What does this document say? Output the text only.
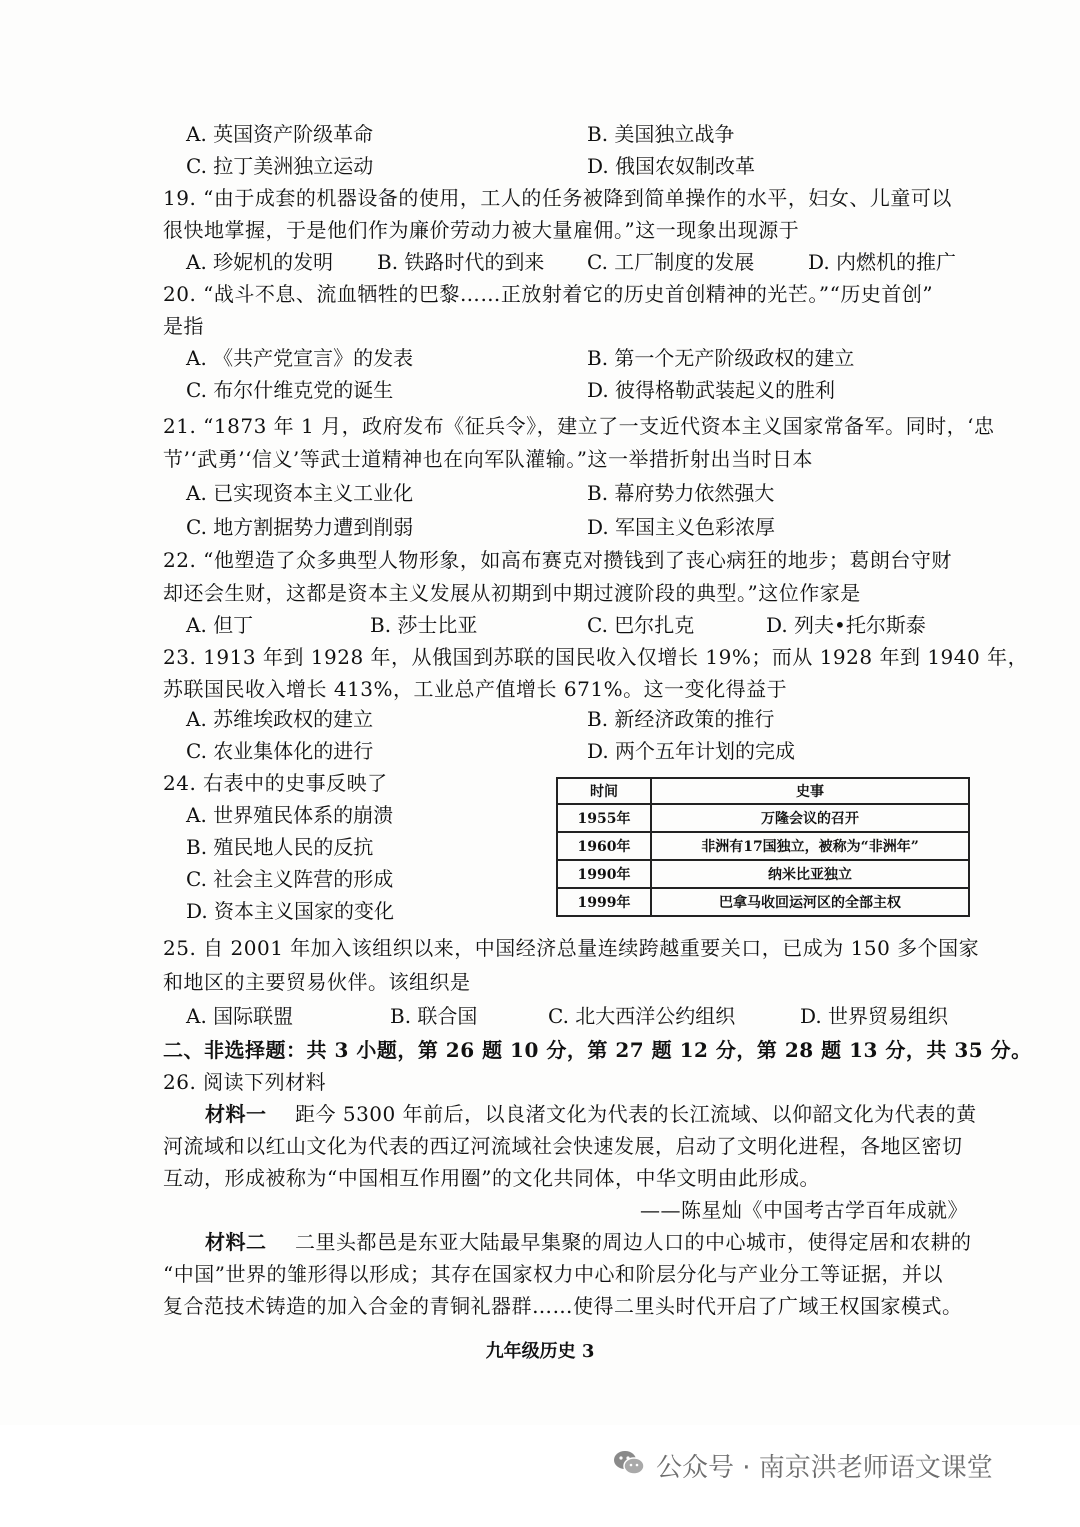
A. 英国资产阶级革命	B. 美国独立战争
C. 拉丁美洲独立运动	D. 俄国农奴制改革
19. “由于成套的机器设备的使用，工人的任务被降到简单操作的水平，妇女、儿童可以
很快地掌握，于是他们作为廉价劳动力被大量雇佣。”这一现象出现源于
A. 珍妮机的发明 B. 铁路时代的到来 C. 工厂制度的发展	D. 内燃机的推广
20. “战斗不息、流血牺牲的巴黎……正放射着它的历史首创精神的光芒。”“历史首创”
是指
A. 《共产党宣言》的发表	B. 第一个无产阶级政权的建立
C. 布尔什维克党的诞生	D. 彼得格勒武装起义的胜利
21. “1873 年 1 月，政府发布《征兵令》，建立了一支近代资本主义国家常备军。同时，‘忠
节’‘武勇’‘信义’等武士道精神也在向军队灌输。”这一举措折射出当时日本
A. 已实现资本主义工业化	B. 幕府势力依然强大
C. 地方割据势力遭到削弱	D. 军国主义色彩浓厚
22. “他塑造了众多典型人物形象，如高布赛克对攒钱到了丧心病狂的地步；葛朗台守财
却还会生财，这都是资本主义发展从初期到中期过渡阶段的典型。”这位作家是
A. 但丁	B. 莎士比亚	C. 巴尔扎克	D. 列夫•托尔斯泰
23. 1913 年到 1928 年，从俄国到苏联的国民收入仅增长 19%；而从 1928 年到 1940 年，
苏联国民收入增长 413%，工业总产值增长 671%。这一变化得益于
A. 苏维埃政权的建立	B. 新经济政策的推行
C. 农业集体化的进行	D. 两个五年计划的完成
24. 右表中的史事反映了
A. 世界殖民体系的崩溃
B. 殖民地人民的反抗
C. 社会主义阵营的形成
D. 资本主义国家的变化
时间	史事
1955年	万隆会议的召开
1960年	非洲有17国独立，被称为“非洲年”
1990年	纳米比亚独立
1999年	巴拿马收回运河区的全部主权
25. 自 2001 年加入该组织以来，中国经济总量连续跨越重要关口，已成为 150 多个国家
和地区的主要贸易伙伴。该组织是
A. 国际联盟	B. 联合国	C. 北大西洋公约组织	D. 世界贸易组织
二、非选择题：共 3 小题，第 26 题 10 分，第 27 题 12 分，第 28 题 13 分，共 35 分。
26. 阅读下列材料
材料一 距今 5300 年前后，以良渚文化为代表的长江流域、以仰韶文化为代表的黄
河流域和以红山文化为代表的西辽河流域社会快速发展，启动了文明化进程，各地区密切
互动，形成被称为“中国相互作用圈”的文化共同体，中华文明由此形成。
——陈星灿《中国考古学百年成就》
材料二 二里头都邑是东亚大陆最早集聚的周边人口的中心城市，使得定居和农耕的
“中国”世界的雏形得以形成；其存在国家权力中心和阶层分化与产业分工等证据，并以
复合范技术铸造的加入合金的青铜礼器群……使得二里头时代开启了广域王权国家模式。
九年级历史 3
公众号 · 南京洪老师语文课堂
